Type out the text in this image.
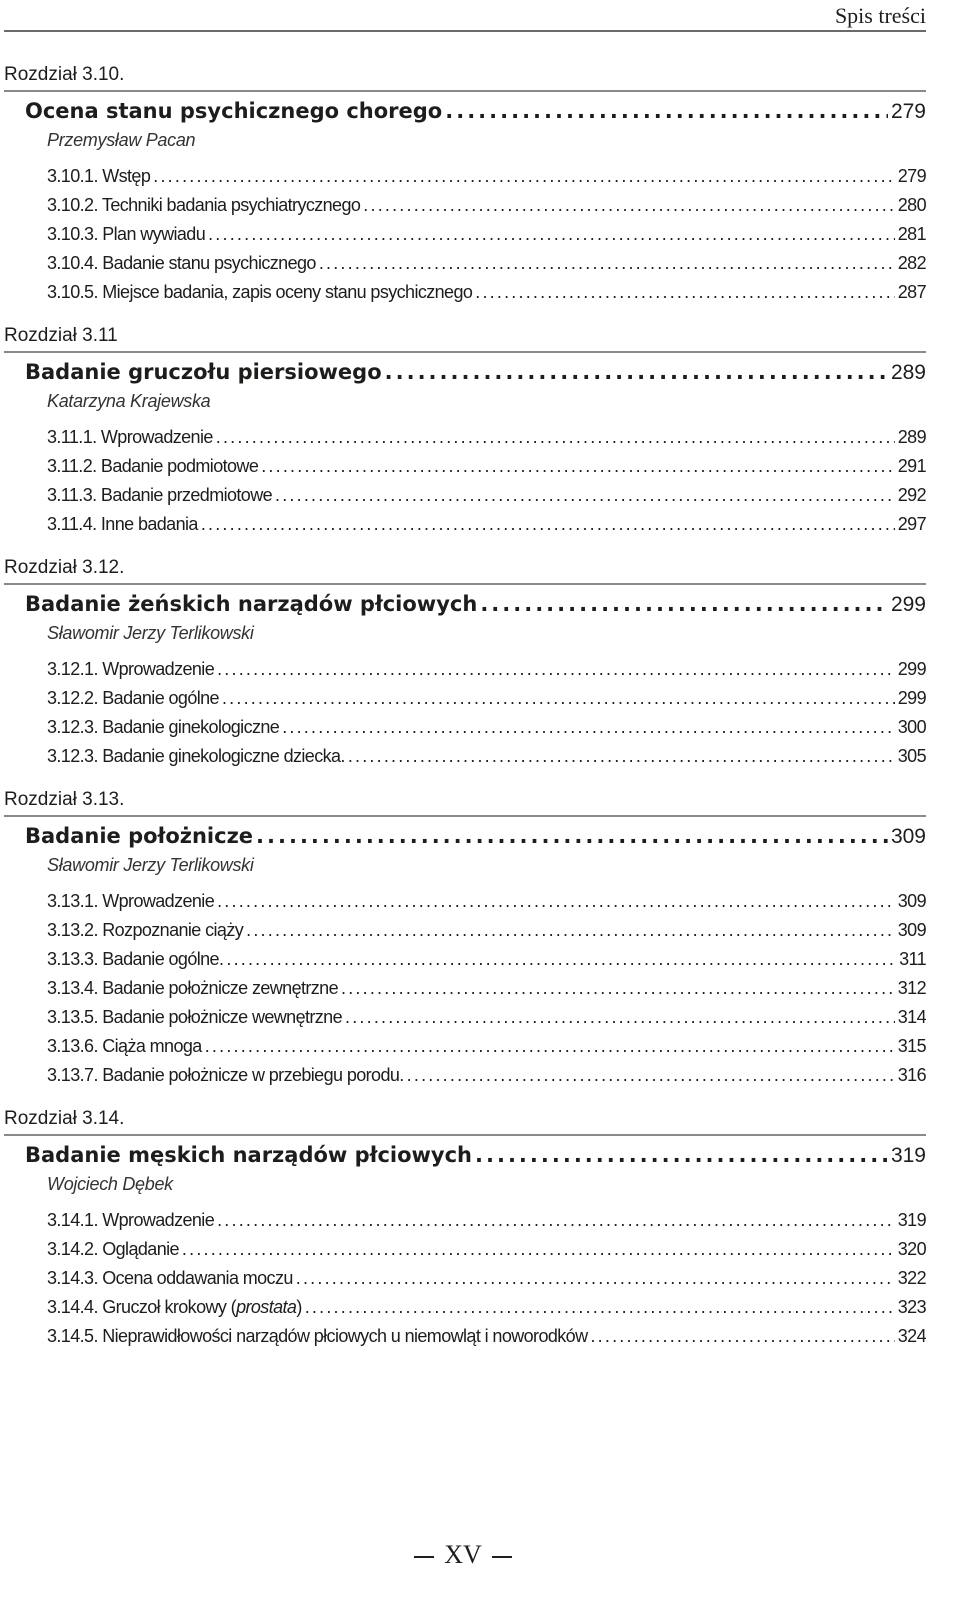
Spis treści
Rozdział 3.10.
Ocena stanu psychicznego chorego .....	279
Przemysław Pacan
3.10.1. Wstęp .....	279
3.10.2. Techniki badania psychiatrycznego .....	280
3.10.3. Plan wywiadu .....	281
3.10.4. Badanie stanu psychicznego .....	282
3.10.5. Miejsce badania, zapis oceny stanu psychicznego .....	287
Rozdział 3.11
Badanie gruczołu piersiowego .....	289
Katarzyna Krajewska
3.11.1. Wprowadzenie .....	289
3.11.2. Badanie podmiotowe .....	291
3.11.3. Badanie przedmiotowe .....	292
3.11.4. Inne badania .....	297
Rozdział 3.12.
Badanie żeńskich narządów płciowych .....	299
Sławomir Jerzy Terlikowski
3.12.1. Wprowadzenie .....	299
3.12.2. Badanie ogólne .....	299
3.12.3. Badanie ginekologiczne .....	300
3.12.3. Badanie ginekologiczne dziecka. .....	305
Rozdział 3.13.
Badanie położnicze .....	309
Sławomir Jerzy Terlikowski
3.13.1. Wprowadzenie .....	309
3.13.2. Rozpoznanie ciąży .....	309
3.13.3. Badanie ogólne. .....	311
3.13.4. Badanie położnicze zewnętrzne .....	312
3.13.5. Badanie położnicze wewnętrzne .....	314
3.13.6. Ciąża mnoga .....	315
3.13.7. Badanie położnicze w przebiegu porodu. .....	316
Rozdział 3.14.
Badanie męskich narządów płciowych .....	319
Wojciech Dębek
3.14.1. Wprowadzenie .....	319
3.14.2. Oglądanie .....	320
3.14.3. Ocena oddawania moczu .....	322
3.14.4. Gruczoł krokowy (prostata) .....	323
3.14.5. Nieprawidłowości narządów płciowych u niemowląt i noworodków .....	324
XV
